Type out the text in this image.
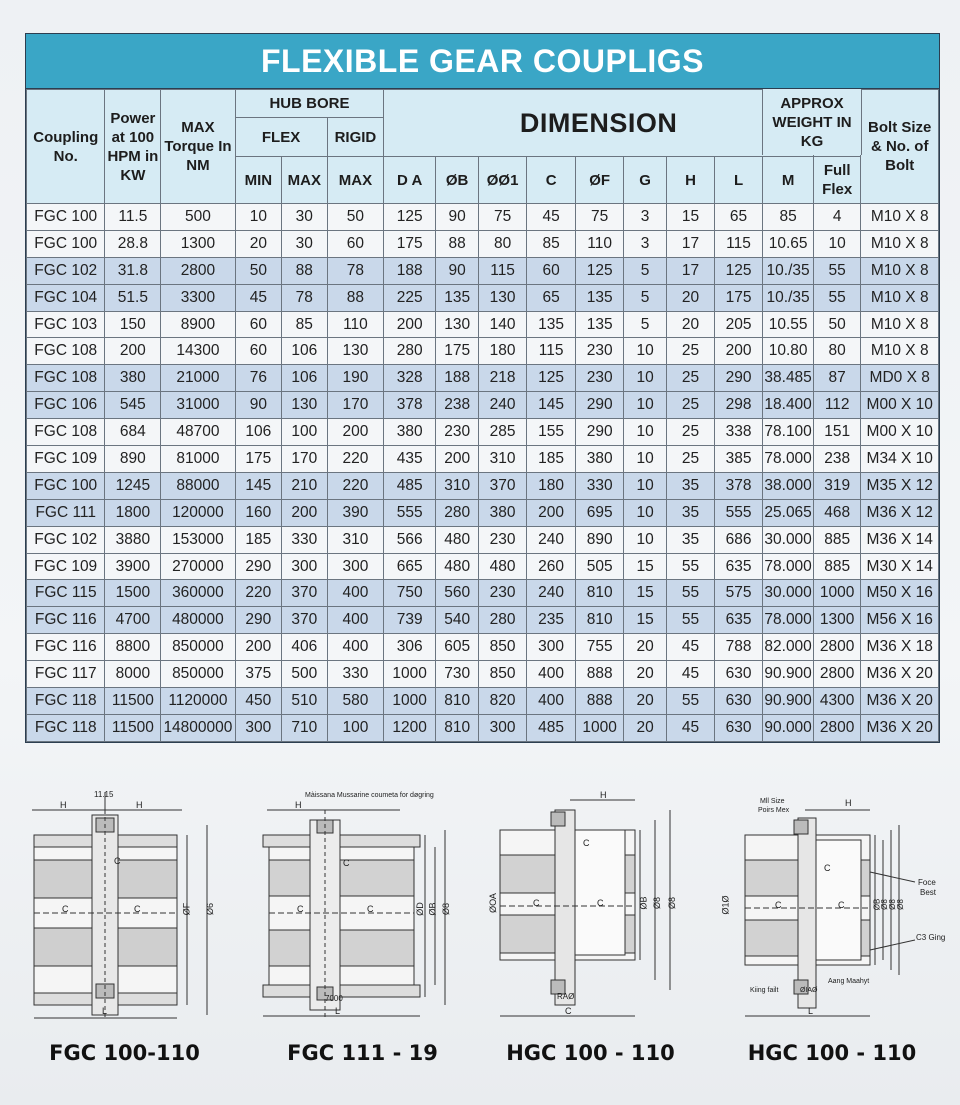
FLEXIBLE GEAR COUPLIGS
Coupling No.	Power at 100 HPM in KW	MAX Torque In NM	HUB BORE			DIMENSION										Bolt Size & No. of Bolt
			FLEX		RIGID											
			MIN	MAX	MAX	D A	ØB	ØØ1	C	ØF	G	H	L	M	Full Flex	
FGC 100	11.5	500	10	30	50	125	90	75	45	75	3	15	65	85	4	M10 X 8
FGC 100	28.8	1300	20	30	60	175	88	80	85	110	3	17	115	10.65	10	M10 X 8
FGC 102	31.8	2800	50	88	78	188	90	115	60	125	5	17	125	10./35	55	M10 X 8
FGC 104	51.5	3300	45	78	88	225	135	130	65	135	5	20	175	10./35	55	M10 X 8
FGC 103	150	8900	60	85	110	200	130	140	135	135	5	20	205	10.55	50	M10 X 8
FGC 108	200	14300	60	106	130	280	175	180	115	230	10	25	200	10.80	80	M10 X 8
FGC 108	380	21000	76	106	190	328	188	218	125	230	10	25	290	38.485	87	MD0 X 8
FGC 106	545	31000	90	130	170	378	238	240	145	290	10	25	298	18.400	112	M00 X 10
FGC 108	684	48700	106	100	200	380	230	285	155	290	10	25	338	78.100	151	M00 X 10
FGC 109	890	81000	175	170	220	435	200	310	185	380	10	25	385	78.000	238	M34 X 10
FGC 100	1245	88000	145	210	220	485	310	370	180	330	10	35	378	38.000	319	M35 X 12
FGC 111	1800	120000	160	200	390	555	280	380	200	695	10	35	555	25.065	468	M36 X 12
FGC 102	3880	153000	185	330	310	566	480	230	240	890	10	35	686	30.000	885	M36 X 14
FGC 109	3900	270000	290	300	300	665	480	480	260	505	15	55	635	78.000	885	M30 X 14
FGC 115	1500	360000	220	370	400	750	560	230	240	810	15	55	575	30.000	1000	M50 X 16
FGC 116	4700	480000	290	370	400	739	540	280	235	810	15	55	635	78.000	1300	M56 X 16
FGC 116	8800	850000	200	406	400	306	605	850	300	755	20	45	788	82.000	2800	M36 X 18
FGC 117	8000	850000	375	500	330	1000	730	850	400	888	20	45	630	90.900	2800	M36 X 20
FGC 118	11500	1120000	450	510	580	1000	810	820	400	888	20	55	630	90.900	4300	M36 X 20
FGC 118	11500	14800000	300	710	100	1200	810	300	485	1000	20	45	630	90.000	2800	M36 X 20
APPROX WEIGHT IN KG
H
11.15
H
C
C	C	ØF Ø6
L
FGC 100-110
Màissana Mussarine coumeta for døgring
H
C
C	C	ØD ØB Ø8
7000
L
FGC 111 - 19
H
C
C	C
ØΟΑ	ØB Ø8 Ø8
RAØ
C
HGC 100 - 110
Mll Size
Poirs Mex
H
C
C	C
Ø1Ø	ØB
Ø8 Ø8 Ø8
Foce
Best
C3 Ging
Kiing failt	ØIAØ
Aang Maahyt
L
HGC 100 - 110
